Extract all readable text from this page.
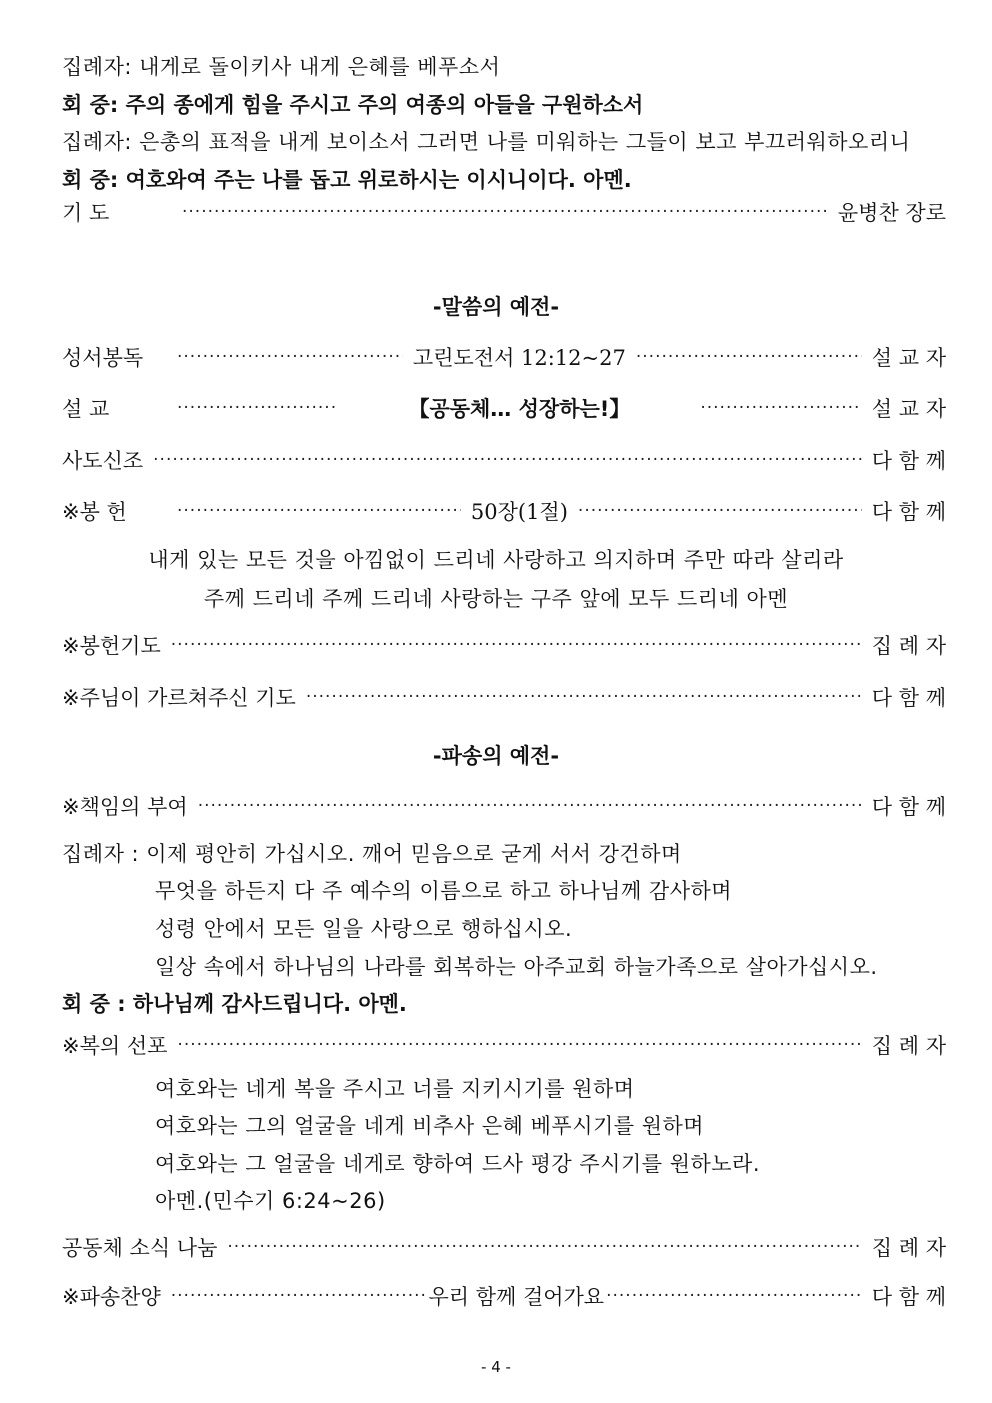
집례자: 내게로 돌이키사 내게 은혜를 베푸소서
회 중: 주의 종에게 힘을 주시고 주의 여종의 아들을 구원하소서
집례자: 은총의 표적을 내게 보이소서 그러면 나를 미워하는 그들이 보고 부끄러워하오리니
회 중: 여호와여 주는 나를 돕고 위로하시는 이시니이다. 아멘.
기 도 ·····	윤병찬 장로
-말씀의 예전-
성서봉독 ·····	고린도전서 12:12~27 ·····	설 교 자
설 교 ·····	【공동체… 성장하는!】 ·····	설 교 자
사도신조 ·····	다 함 께
※봉 헌 ·····	50장(1절) ·····	다 함 께
내게 있는 모든 것을 아낌없이 드리네 사랑하고 의지하며 주만 따라 살리라
주께 드리네 주께 드리네 사랑하는 구주 앞에 모두 드리네 아멘
※봉헌기도 ·····	집 례 자
※주님이 가르쳐주신 기도 ·····	다 함 께
-파송의 예전-
※책임의 부여 ·····	다 함 께
집례자 : 이제 평안히 가십시오. 깨어 믿음으로 굳게 서서 강건하며
무엇을 하든지 다 주 예수의 이름으로 하고 하나님께 감사하며
성령 안에서 모든 일을 사랑으로 행하십시오.
일상 속에서 하나님의 나라를 회복하는 아주교회 하늘가족으로 살아가십시오.
회 중 : 하나님께 감사드립니다. 아멘.
※복의 선포 ·····	집 례 자
여호와는 네게 복을 주시고 너를 지키시기를 원하며
여호와는 그의 얼굴을 네게 비추사 은혜 베푸시기를 원하며
여호와는 그 얼굴을 네게로 향하여 드사 평강 주시기를 원하노라.
아멘.(민수기 6:24~26)
공동체 소식 나눔 ·····	집 례 자
※파송찬양 ·····	우리 함께 걸어가요 ·····	다 함 께
- 4 -
